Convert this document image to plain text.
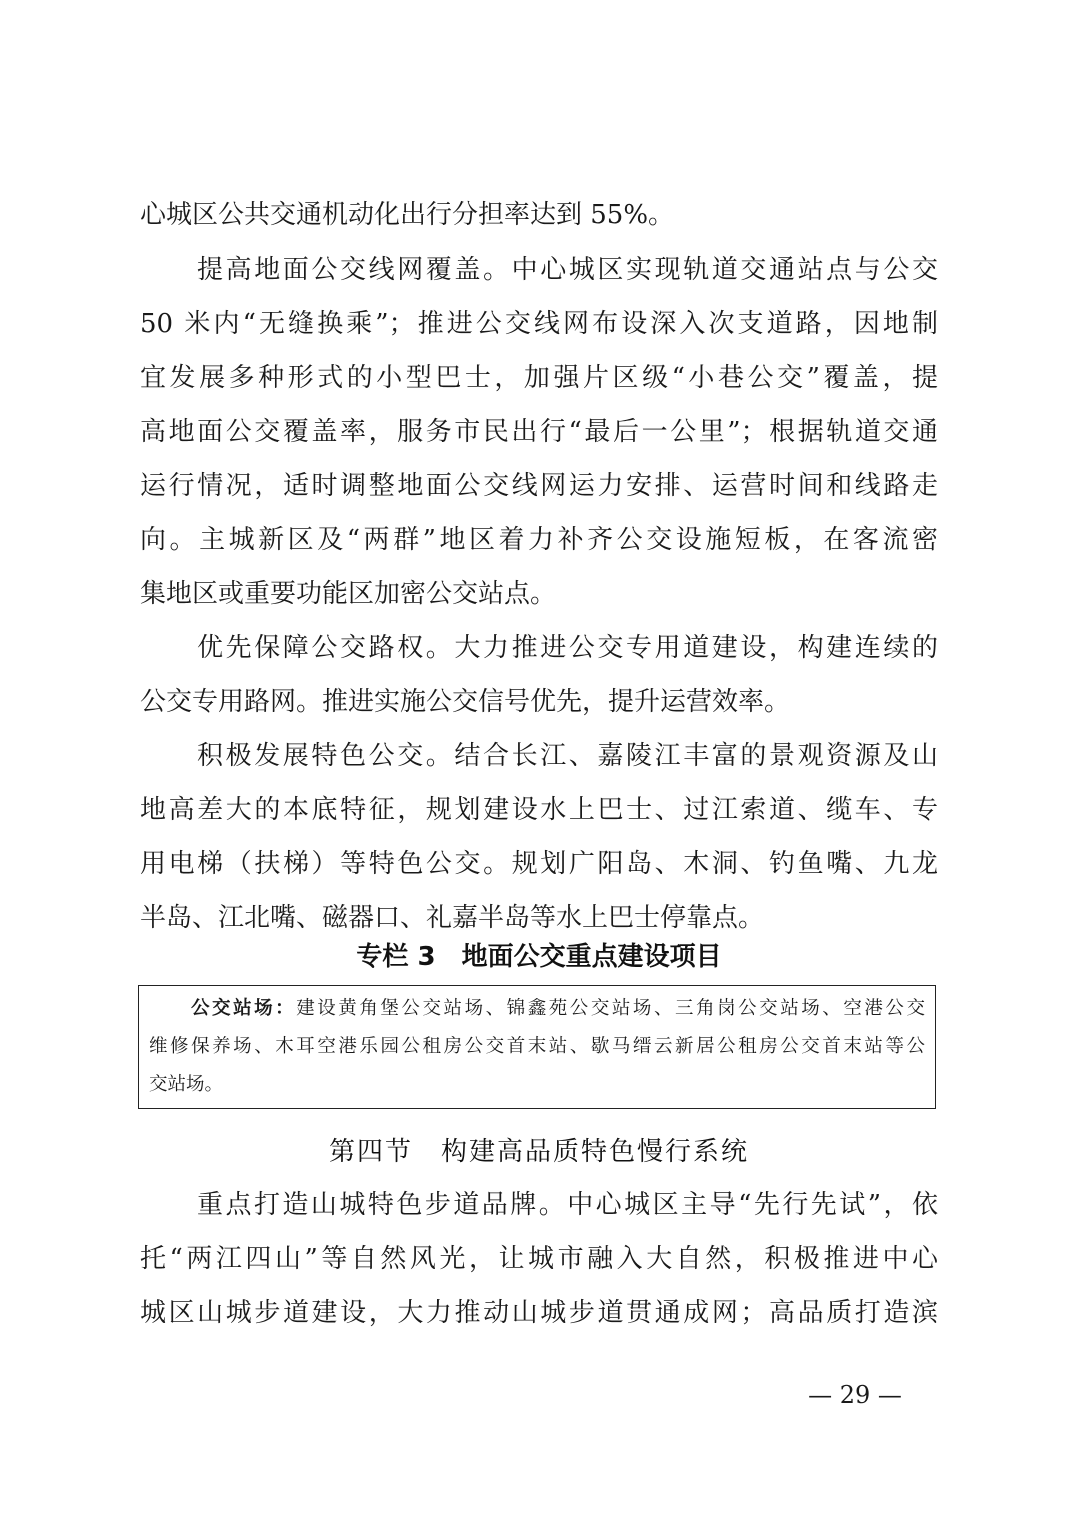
心城区公共交通机动化出行分担率达到 55%。
提高地面公交线网覆盖。中心城区实现轨道交通站点与公交
50 米内“无缝换乘”；推进公交线网布设深入次支道路，因地制
宜发展多种形式的小型巴士，加强片区级“小巷公交”覆盖，提
高地面公交覆盖率，服务市民出行“最后一公里”；根据轨道交通
运行情况，适时调整地面公交线网运力安排、运营时间和线路走
向。主城新区及“两群”地区着力补齐公交设施短板，在客流密
集地区或重要功能区加密公交站点。
优先保障公交路权。大力推进公交专用道建设，构建连续的
公交专用路网。推进实施公交信号优先，提升运营效率。
积极发展特色公交。结合长江、嘉陵江丰富的景观资源及山
地高差大的本底特征，规划建设水上巴士、过江索道、缆车、专
用电梯（扶梯）等特色公交。规划广阳岛、木洞、钓鱼嘴、九龙
半岛、江北嘴、磁器口、礼嘉半岛等水上巴士停靠点。
专栏 3　地面公交重点建设项目
公交站场：建设黄角堡公交站场、锦鑫苑公交站场、三角岗公交站场、空港公交
维修保养场、木耳空港乐园公租房公交首末站、歇马缙云新居公租房公交首末站等公
交站场。
第四节　构建高品质特色慢行系统
重点打造山城特色步道品牌。中心城区主导“先行先试”，依
托“两江四山”等自然风光，让城市融入大自然，积极推进中心
城区山城步道建设，大力推动山城步道贯通成网；高品质打造滨
— 29 —
